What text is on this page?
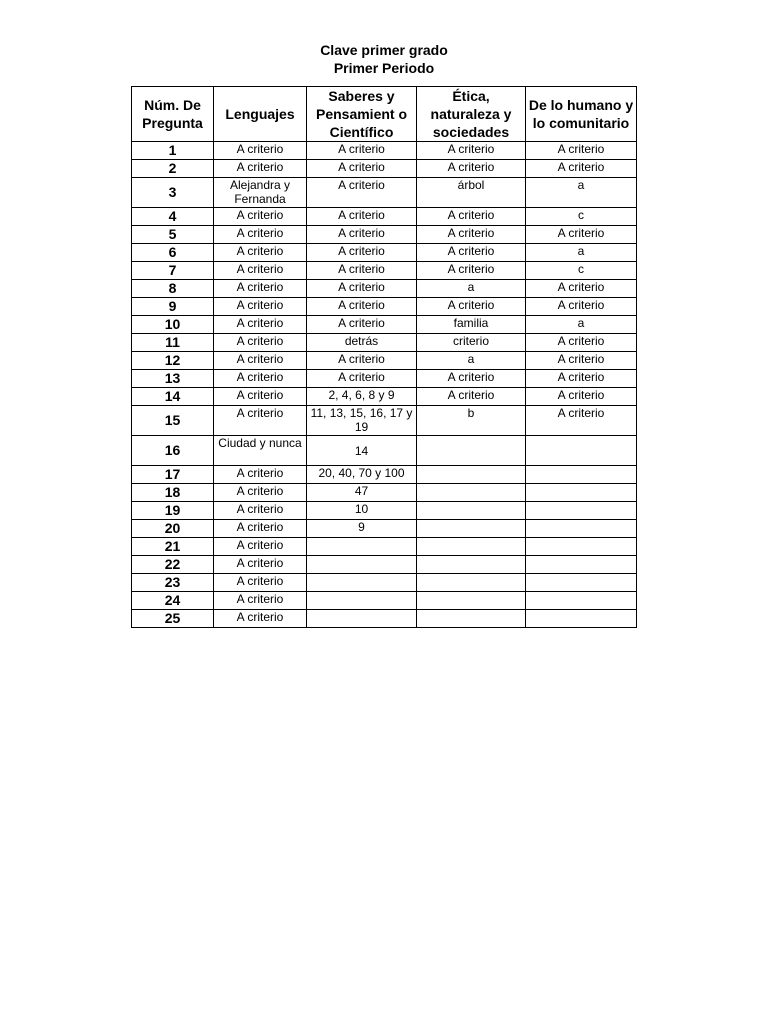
Clave primer grado
Primer Periodo
Núm. De Pregunta	Lenguajes	Saberes y Pensamient o Científico	Ética, naturaleza y sociedades	De lo humano y lo comunitario
1	A criterio	A criterio	A criterio	A criterio
2	A criterio	A criterio	A criterio	A criterio
3	Alejandra y Fernanda	A criterio	árbol	a
4	A criterio	A criterio	A criterio	c
5	A criterio	A criterio	A criterio	A criterio
6	A criterio	A criterio	A criterio	a
7	A criterio	A criterio	A criterio	c
8	A criterio	A criterio	a	A criterio
9	A criterio	A criterio	A criterio	A criterio
10	A criterio	A criterio	familia	a
11	A criterio	detrás	criterio	A criterio
12	A criterio	A criterio	a	A criterio
13	A criterio	A criterio	A criterio	A criterio
14	A criterio	2, 4, 6, 8 y 9	A criterio	A criterio
15	A criterio	11, 13, 15, 16, 17 y 19	b	A criterio
16	Ciudad y nunca	14		
17	A criterio	20, 40, 70 y 100		
18	A criterio	47		
19	A criterio	10		
20	A criterio	9		
21	A criterio			
22	A criterio			
23	A criterio			
24	A criterio			
25	A criterio			
